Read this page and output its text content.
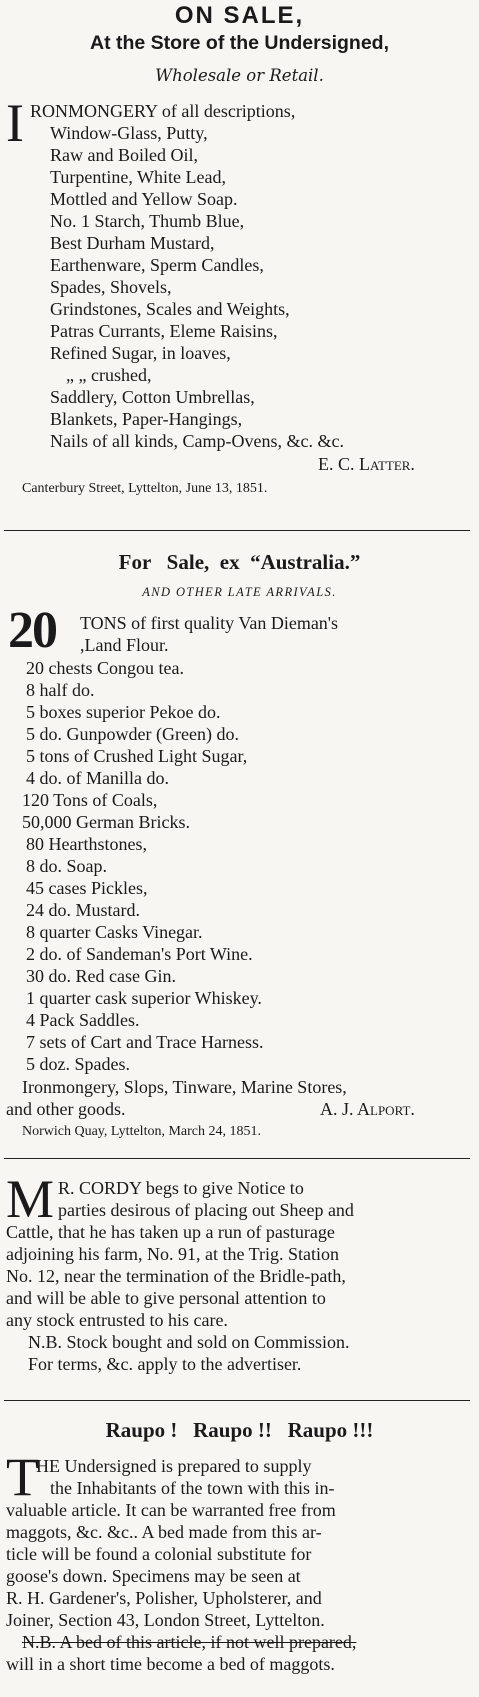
ON SALE,
At the Store of the Undersigned,
Wholesale or Retail.
I RONMONGERY of all descriptions,
Window-Glass, Putty,
Raw and Boiled Oil,
Turpentine, White Lead,
Mottled and Yellow Soap.
No. 1 Starch, Thumb Blue,
Best Durham Mustard,
Earthenware, Sperm Candles,
Spades, Shovels,
Grindstones, Scales and Weights,
Patras Currants, Eleme Raisins,
Refined Sugar, in loaves,
„ „ crushed,
Saddlery, Cotton Umbrellas,
Blankets, Paper-Hangings,
Nails of all kinds, Camp-Ovens, &c. &c.
E. C. Latter.
Canterbury Street, Lyttelton, June 13, 1851.
For   Sale,  ex  “Australia.”
AND OTHER LATE ARRIVALS.
20 TONS of first quality Van Dieman's
,Land Flour.
20 chests Congou tea.
8 half do.
5 boxes superior Pekoe do.
5 do. Gunpowder (Green) do.
5 tons of Crushed Light Sugar,
4 do. of Manilla do.
120 Tons of Coals,
50,000 German Bricks.
80 Hearthstones,
8 do. Soap.
45 cases Pickles,
24 do. Mustard.
8 quarter Casks Vinegar.
2 do. of Sandeman's Port Wine.
30 do. Red case Gin.
1 quarter cask superior Whiskey.
4 Pack Saddles.
7 sets of Cart and Trace Harness.
5 doz. Spades.
Ironmongery, Slops, Tinware, Marine Stores,
and other goods.	A. J. Alport.
Norwich Quay, Lyttelton, March 24, 1851.
M R. CORDY begs to give Notice to
parties desirous of placing out Sheep and
Cattle, that he has taken up a run of pasturage
adjoining his farm, No. 91, at the Trig. Station
No. 12, near the termination of the Bridle-path,
and will be able to give personal attention to
any stock entrusted to his care.
N.B. Stock bought and sold on Commission.
For terms, &c. apply to the advertiser.
Raupo !   Raupo !!   Raupo !!!
T
HE Undersigned is prepared to supply
the Inhabitants of the town with this in-
valuable article. It can be warranted free from
maggots, &c. &c.. A bed made from this ar-
ticle will be found a colonial substitute for
goose's down. Specimens may be seen at
R. H. Gardener's, Polisher, Upholsterer, and
Joiner, Section 43, London Street, Lyttelton.
N.B. A bed of this article, if not well prepared,
will in a short time become a bed of maggots.
